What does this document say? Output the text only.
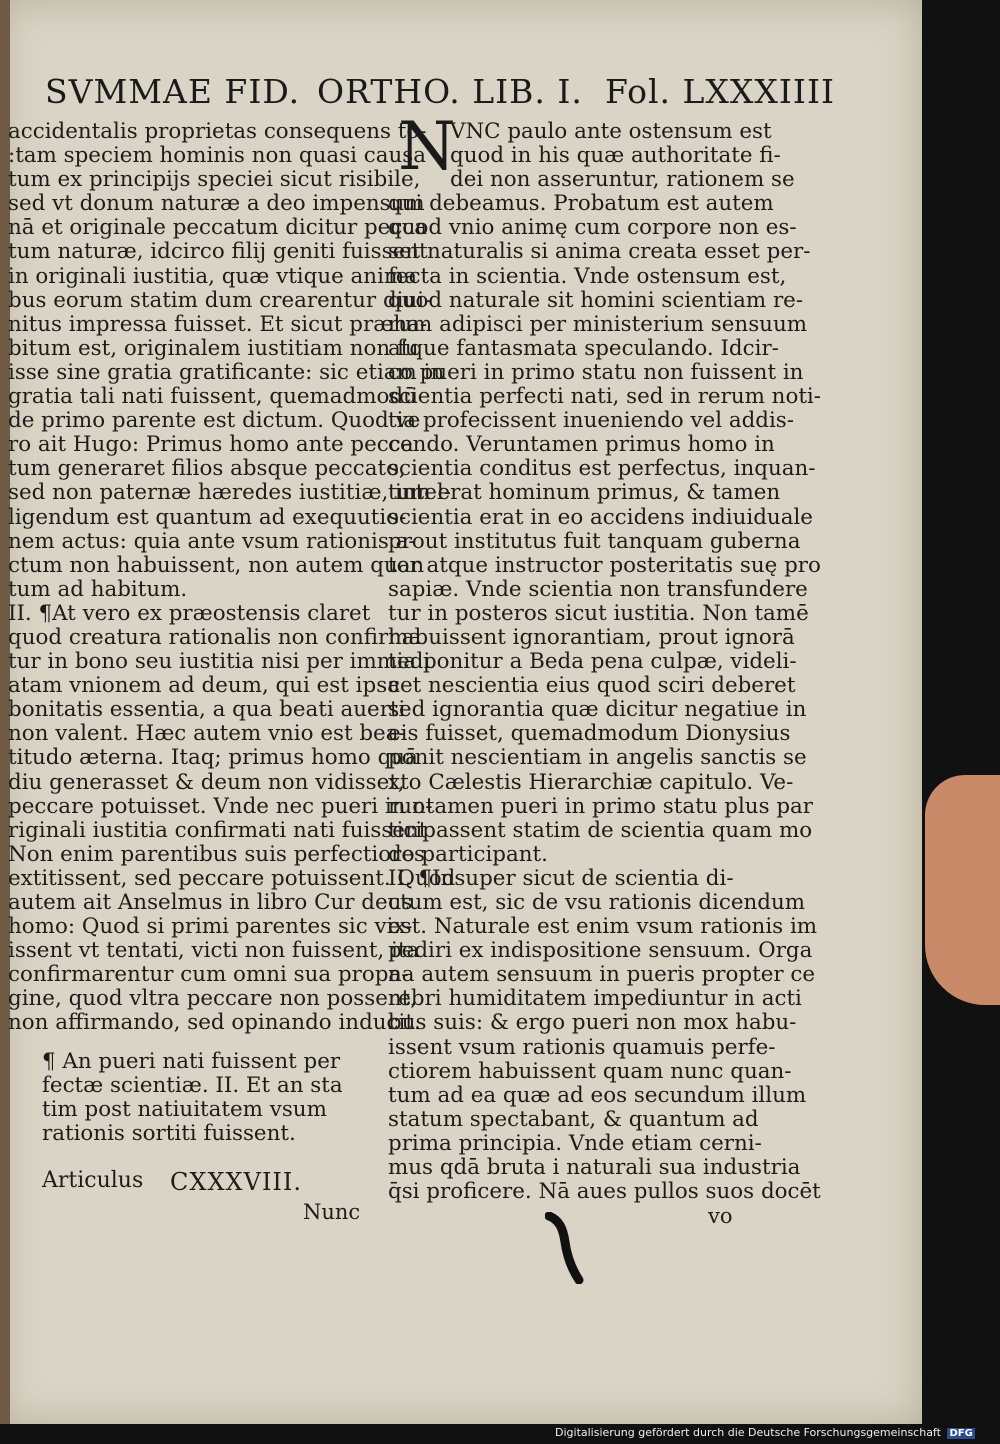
SVMMAE FID. ORTHO. LIB. I. Fol. LXXXIIII
accidentalis proprietas consequens to-
:tam speciem hominis non quasi causa
tum ex principijs speciei sicut risibile,
sed vt donum naturæ a deo impensum
nā et originale peccatum dicitur pecca
tum naturæ, idcirco filij geniti fuissent
in originali iustitia, quæ vtique anima
bus eorum statim dum crearentur diui-
nitus impressa fuisset. Et sicut præha-
bitum est, originalem iustitiam non fu
isse sine gratia gratificante: sic etiam in
gratia tali nati fuissent, quemadmodū
de primo parente est dictum. Quod ve
ro ait Hugo: Primus homo ante pecca
tum generaret filios absque peccato,
sed non paternæ hæredes iustitiæ, intel-
ligendum est quantum ad exequutio-
nem actus: quia ante vsum rationis a-
ctum non habuissent, non autem quan
tum ad habitum.
II. ¶At vero ex præostensis claret
quod creatura rationalis non confirma
tur in bono seu iustitia nisi per immedi
atam vnionem ad deum, qui est ipsa
bonitatis essentia, a qua beati auerti
non valent. Hæc autem vnio est bea-
titudo æterna. Itaq; primus homo quā
diu generasset & deum non vidisset,
peccare potuisset. Vnde nec pueri in o-
riginali iustitia confirmati nati fuissent
Non enim parentibus suis perfectiores
extitissent, sed peccare potuissent. Quod
autem ait Anselmus in libro Cur deus
homo: Quod si primi parentes sic vix-
issent vt tentati, victi non fuissent, ita
confirmarentur cum omni sua propa-
gine, quod vltra peccare non possent,
non affirmando, sed opinando inducit.
N
VNC paulo ante ostensum est
quod in his quæ authoritate fi-
dei non asseruntur, rationem se
qui debeamus. Probatum est autem
quod vnio animę cum corpore non es-
set naturalis si anima creata esset per-
fecta in scientia. Vnde ostensum est,
quod naturale sit homini scientiam re-
rum adipisci per ministerium sensuum
atque fantasmata speculando. Idcir-
co pueri in primo statu non fuissent in
scientia perfecti nati, sed in rerum noti-
tia profecissent inueniendo vel addis-
cendo. Veruntamen primus homo in
scientia conditus est perfectus, inquan-
tum erat hominum primus, & tamen
scientia erat in eo accidens indiuiduale
prout institutus fuit tanquam guberna
tor atque instructor posteritatis suę pro
sapiæ. Vnde scientia non transfundere
tur in posteros sicut iustitia. Non tamē
habuissent ignorantiam, prout ignorā
tia ponitur a Beda pena culpæ, videli-
cet nescientia eius quod sciri deberet
sed ignorantia quæ dicitur negatiue in
eis fuisset, quemadmodum Dionysius
ponit nescientiam in angelis sanctis se
xto Cælestis Hierarchiæ capitulo. Ve-
runtamen pueri in primo statu plus par
ticipassent statim de scientia quam mo
do participant.
II. ¶Insuper sicut de scientia di-
ctum est, sic de vsu rationis dicendum
est. Naturale est enim vsum rationis im
pediri ex indispositione sensuum. Orga
na autem sensuum in pueris propter ce
rebri humiditatem impediuntur in acti
bus suis: & ergo pueri non mox habu-
issent vsum rationis quamuis perfe-
ctiorem habuissent quam nunc quan-
tum ad ea quæ ad eos secundum illum
statum spectabant, & quantum ad
prima principia. Vnde etiam cerni-
mus qdā bruta i naturali sua industria
q̄si proficere. Nā aues pullos suos docēt
¶ An pueri nati fuissent per
fectæ scientiæ. II. Et an sta
tim post natiuitatem vsum
rationis sortiti fuissent.
Articulus CXXXVIII.
Nunc	vo
Digitalisierung gefördert durch die Deutsche Forschungsgemeinschaft DFG
